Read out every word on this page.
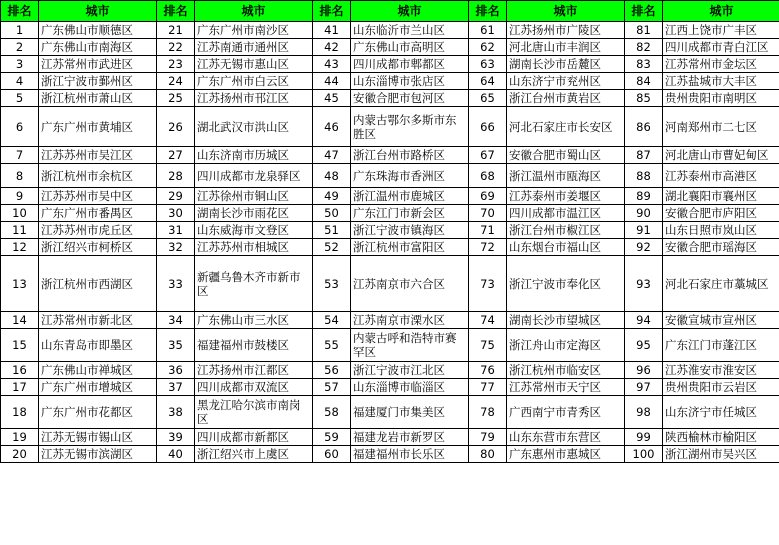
排名	城市	排名	城市	排名	城市	排名	城市	排名	城市
1	广东佛山市顺德区	21	广东广州市南沙区	41	山东临沂市兰山区	61	江苏扬州市广陵区	81	江西上饶市广丰区
2	广东佛山市南海区	22	江苏南通市通州区	42	广东佛山市高明区	62	河北唐山市丰润区	82	四川成都市青白江区
3	江苏常州市武进区	23	江苏无锡市惠山区	43	四川成都市郫都区	63	湖南长沙市岳麓区	83	江苏常州市金坛区
4	浙江宁波市鄞州区	24	广东广州市白云区	44	山东淄博市张店区	64	山东济宁市兖州区	84	江苏盐城市大丰区
5	浙江杭州市萧山区	25	江苏扬州市邗江区	45	安徽合肥市包河区	65	浙江台州市黄岩区	85	贵州贵阳市南明区
6	广东广州市黄埔区	26	湖北武汉市洪山区	46	内蒙古鄂尔多斯市东胜区	66	河北石家庄市长安区	86	河南郑州市二七区
7	江苏苏州市吴江区	27	山东济南市历城区	47	浙江台州市路桥区	67	安徽合肥市蜀山区	87	河北唐山市曹妃甸区
8	浙江杭州市余杭区	28	四川成都市龙泉驿区	48	广东珠海市香洲区	68	浙江温州市瓯海区	88	江苏泰州市高港区
9	江苏苏州市吴中区	29	江苏徐州市铜山区	49	浙江温州市鹿城区	69	江苏泰州市姜堰区	89	湖北襄阳市襄州区
10	广东广州市番禺区	30	湖南长沙市雨花区	50	广东江门市新会区	70	四川成都市温江区	90	安徽合肥市庐阳区
11	江苏苏州市虎丘区	31	山东威海市文登区	51	浙江宁波市镇海区	71	浙江台州市椒江区	91	山东日照市岚山区
12	浙江绍兴市柯桥区	32	江苏苏州市相城区	52	浙江杭州市富阳区	72	山东烟台市福山区	92	安徽合肥市瑶海区
13	浙江杭州市西湖区	33	新疆乌鲁木齐市新市区	53	江苏南京市六合区	73	浙江宁波市奉化区	93	河北石家庄市藁城区
14	江苏常州市新北区	34	广东佛山市三水区	54	江苏南京市溧水区	74	湖南长沙市望城区	94	安徽宣城市宣州区
15	山东青岛市即墨区	35	福建福州市鼓楼区	55	内蒙古呼和浩特市赛罕区	75	浙江舟山市定海区	95	广东江门市蓬江区
16	广东佛山市禅城区	36	江苏扬州市江都区	56	浙江宁波市江北区	76	浙江杭州市临安区	96	江苏淮安市淮安区
17	广东广州市增城区	37	四川成都市双流区	57	山东淄博市临淄区	77	江苏常州市天宁区	97	贵州贵阳市云岩区
18	广东广州市花都区	38	黑龙江哈尔滨市南岗区	58	福建厦门市集美区	78	广西南宁市青秀区	98	山东济宁市任城区
19	江苏无锡市锡山区	39	四川成都市新都区	59	福建龙岩市新罗区	79	山东东营市东营区	99	陕西榆林市榆阳区
20	江苏无锡市滨湖区	40	浙江绍兴市上虞区	60	福建福州市长乐区	80	广东惠州市惠城区	100	浙江湖州市吴兴区
